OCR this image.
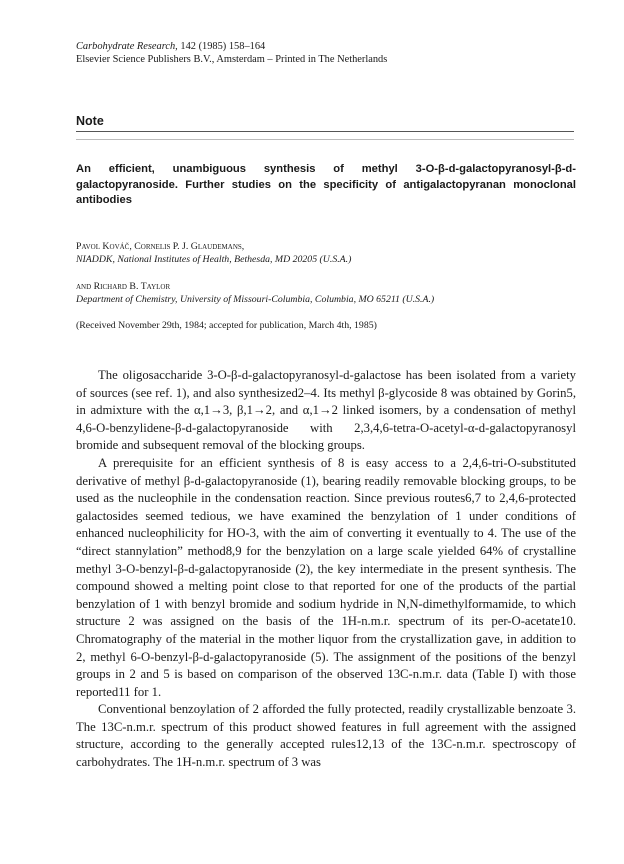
Carbohydrate Research, 142 (1985) 158–164
Elsevier Science Publishers B.V., Amsterdam – Printed in The Netherlands
Note
An efficient, unambiguous synthesis of methyl 3-O-β-d-galactopyranosyl-β-d-galactopyranoside. Further studies on the specificity of antigalactopyranan monoclonal antibodies
Pavol Kováč, Cornelis P. J. Glaudemans,
NIADDK, National Institutes of Health, Bethesda, MD 20205 (U.S.A.)
and Richard B. Taylor
Department of Chemistry, University of Missouri-Columbia, Columbia, MO 65211 (U.S.A.)
(Received November 29th, 1984; accepted for publication, March 4th, 1985)

The oligosaccharide 3-O-β-d-galactopyranosyl-d-galactose has been isolated from a variety of sources (see ref. 1), and also synthesized2–4. Its methyl β-glycoside 8 was obtained by Gorin5, in admixture with the α,1→3, β,1→2, and α,1→2 linked isomers, by a condensation of methyl 4,6-O-benzylidene-β-d-galactopyranoside with 2,3,4,6-tetra-O-acetyl-α-d-galactopyranosyl bromide and subsequent removal of the blocking groups.

A prerequisite for an efficient synthesis of 8 is easy access to a 2,4,6-tri-O-substituted derivative of methyl β-d-galactopyranoside (1), bearing readily removable blocking groups, to be used as the nucleophile in the condensation reaction. Since previous routes6,7 to 2,4,6-protected galactosides seemed tedious, we have examined the benzylation of 1 under conditions of enhanced nucleophilicity for HO-3, with the aim of converting it eventually to 4. The use of the “direct stannylation” method8,9 for the benzylation on a large scale yielded 64% of crystalline methyl 3-O-benzyl-β-d-galactopyranoside (2), the key intermediate in the present synthesis. The compound showed a melting point close to that reported for one of the products of the partial benzylation of 1 with benzyl bromide and sodium hydride in N,N-dimethylformamide, to which structure 2 was assigned on the basis of the 1H-n.m.r. spectrum of its per-O-acetate10. Chromatography of the material in the mother liquor from the crystallization gave, in addition to 2, methyl 6-O-benzyl-β-d-galactopyranoside (5). The assignment of the positions of the benzyl groups in 2 and 5 is based on comparison of the observed 13C-n.m.r. data (Table I) with those reported11 for 1.

Conventional benzoylation of 2 afforded the fully protected, readily crystallizable benzoate 3. The 13C-n.m.r. spectrum of this product showed features in full agreement with the assigned structure, according to the generally accepted rules12,13 of the 13C-n.m.r. spectroscopy of carbohydrates. The 1H-n.m.r. spectrum of 3 was
